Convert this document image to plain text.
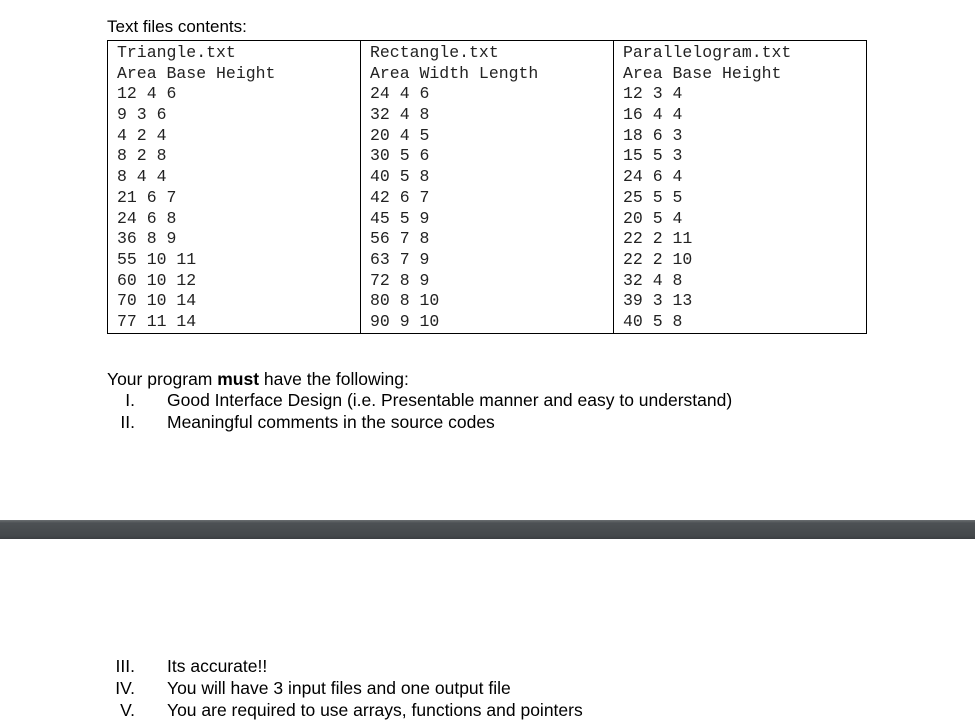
Text files contents:
Triangle.txt
Area Base Height
12 4 6
9 3 6
4 2 4
8 2 8
8 4 4
21 6 7
24 6 8
36 8 9
55 10 11
60 10 12
70 10 14
77 11 14

Rectangle.txt
Area Width Length
24 4 6
32 4 8
20 4 5
30 5 6
40 5 8
42 6 7
45 5 9
56 7 8
63 7 9
72 8 9
80 8 10
90 9 10

Parallelogram.txt
Area Base Height
12 3 4
16 4 4
18 6 3
15 5 3
24 6 4
25 5 5
20 5 4
22 2 11
22 2 10
32 4 8
39 3 13
40 5 8
Your program must have the following:
I. Good Interface Design (i.e. Presentable manner and easy to understand)
II. Meaningful comments in the source codes
III. Its accurate!!
IV. You will have 3 input files and one output file
V. You are required to use arrays, functions and pointers
